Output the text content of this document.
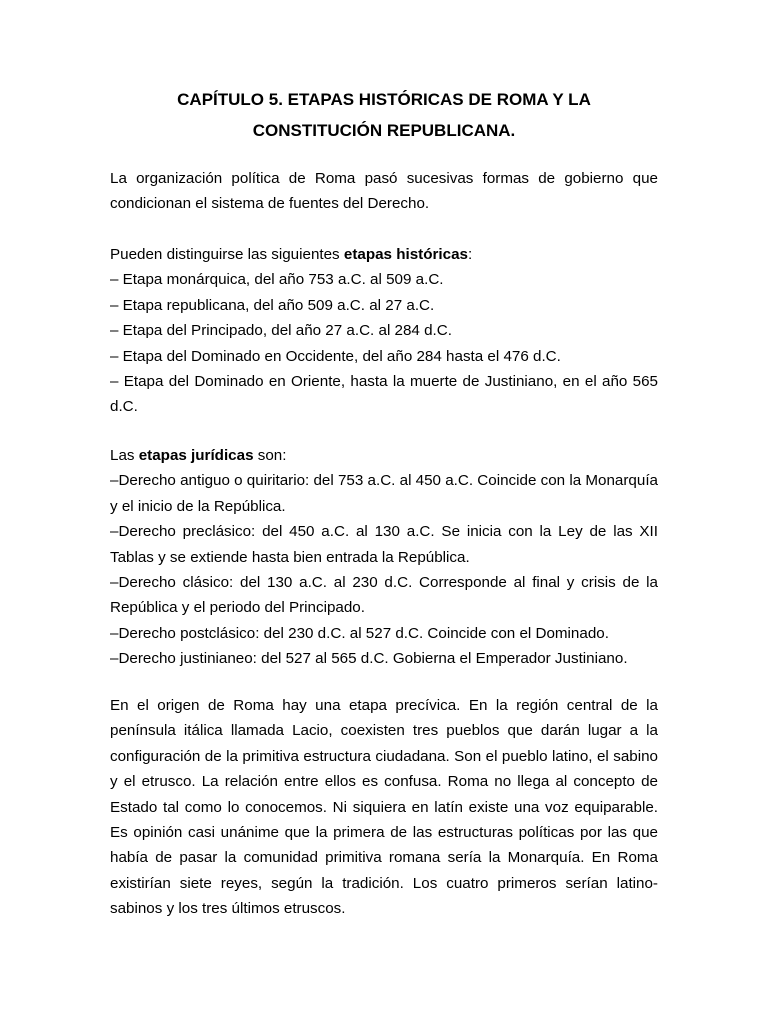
CAPÍTULO 5. ETAPAS HISTÓRICAS DE ROMA Y LA
CONSTITUCIÓN REPUBLICANA.
La organización política de Roma pasó sucesivas formas de gobierno que
condicionan el sistema de fuentes del Derecho.
Pueden distinguirse las siguientes etapas históricas:
– Etapa monárquica, del año 753 a.C. al 509 a.C.
– Etapa republicana, del año 509 a.C. al 27 a.C.
– Etapa del Principado, del año 27 a.C. al 284 d.C.
– Etapa del Dominado en Occidente, del año 284 hasta el 476 d.C.
– Etapa del Dominado en Oriente, hasta la muerte de Justiniano, en el año 565
d.C.
Las etapas jurídicas son:
–Derecho antiguo o quiritario: del 753 a.C. al 450 a.C. Coincide con la Monarquía
y el inicio de la República.
–Derecho preclásico: del 450 a.C. al 130 a.C. Se inicia con la Ley de las XII
Tablas y se extiende hasta bien entrada la República.
–Derecho clásico: del 130 a.C. al 230 d.C. Corresponde al final y crisis de la
República y el periodo del Principado.
–Derecho postclásico: del 230 d.C. al 527 d.C. Coincide con el Dominado.
–Derecho justinianeo: del 527 al 565 d.C. Gobierna el Emperador Justiniano.
En el origen de Roma hay una etapa precívica. En la región central de la
península itálica llamada Lacio, coexisten tres pueblos que darán lugar a la
configuración de la primitiva estructura ciudadana. Son el pueblo latino, el sabino
y el etrusco. La relación entre ellos es confusa. Roma no llega al concepto de
Estado tal como lo conocemos. Ni siquiera en latín existe una voz equiparable.
Es opinión casi unánime que la primera de las estructuras políticas por las que
había de pasar la comunidad primitiva romana sería la Monarquía. En Roma
existirían siete reyes, según la tradición. Los cuatro primeros serían latino-
sabinos y los tres últimos etruscos.
